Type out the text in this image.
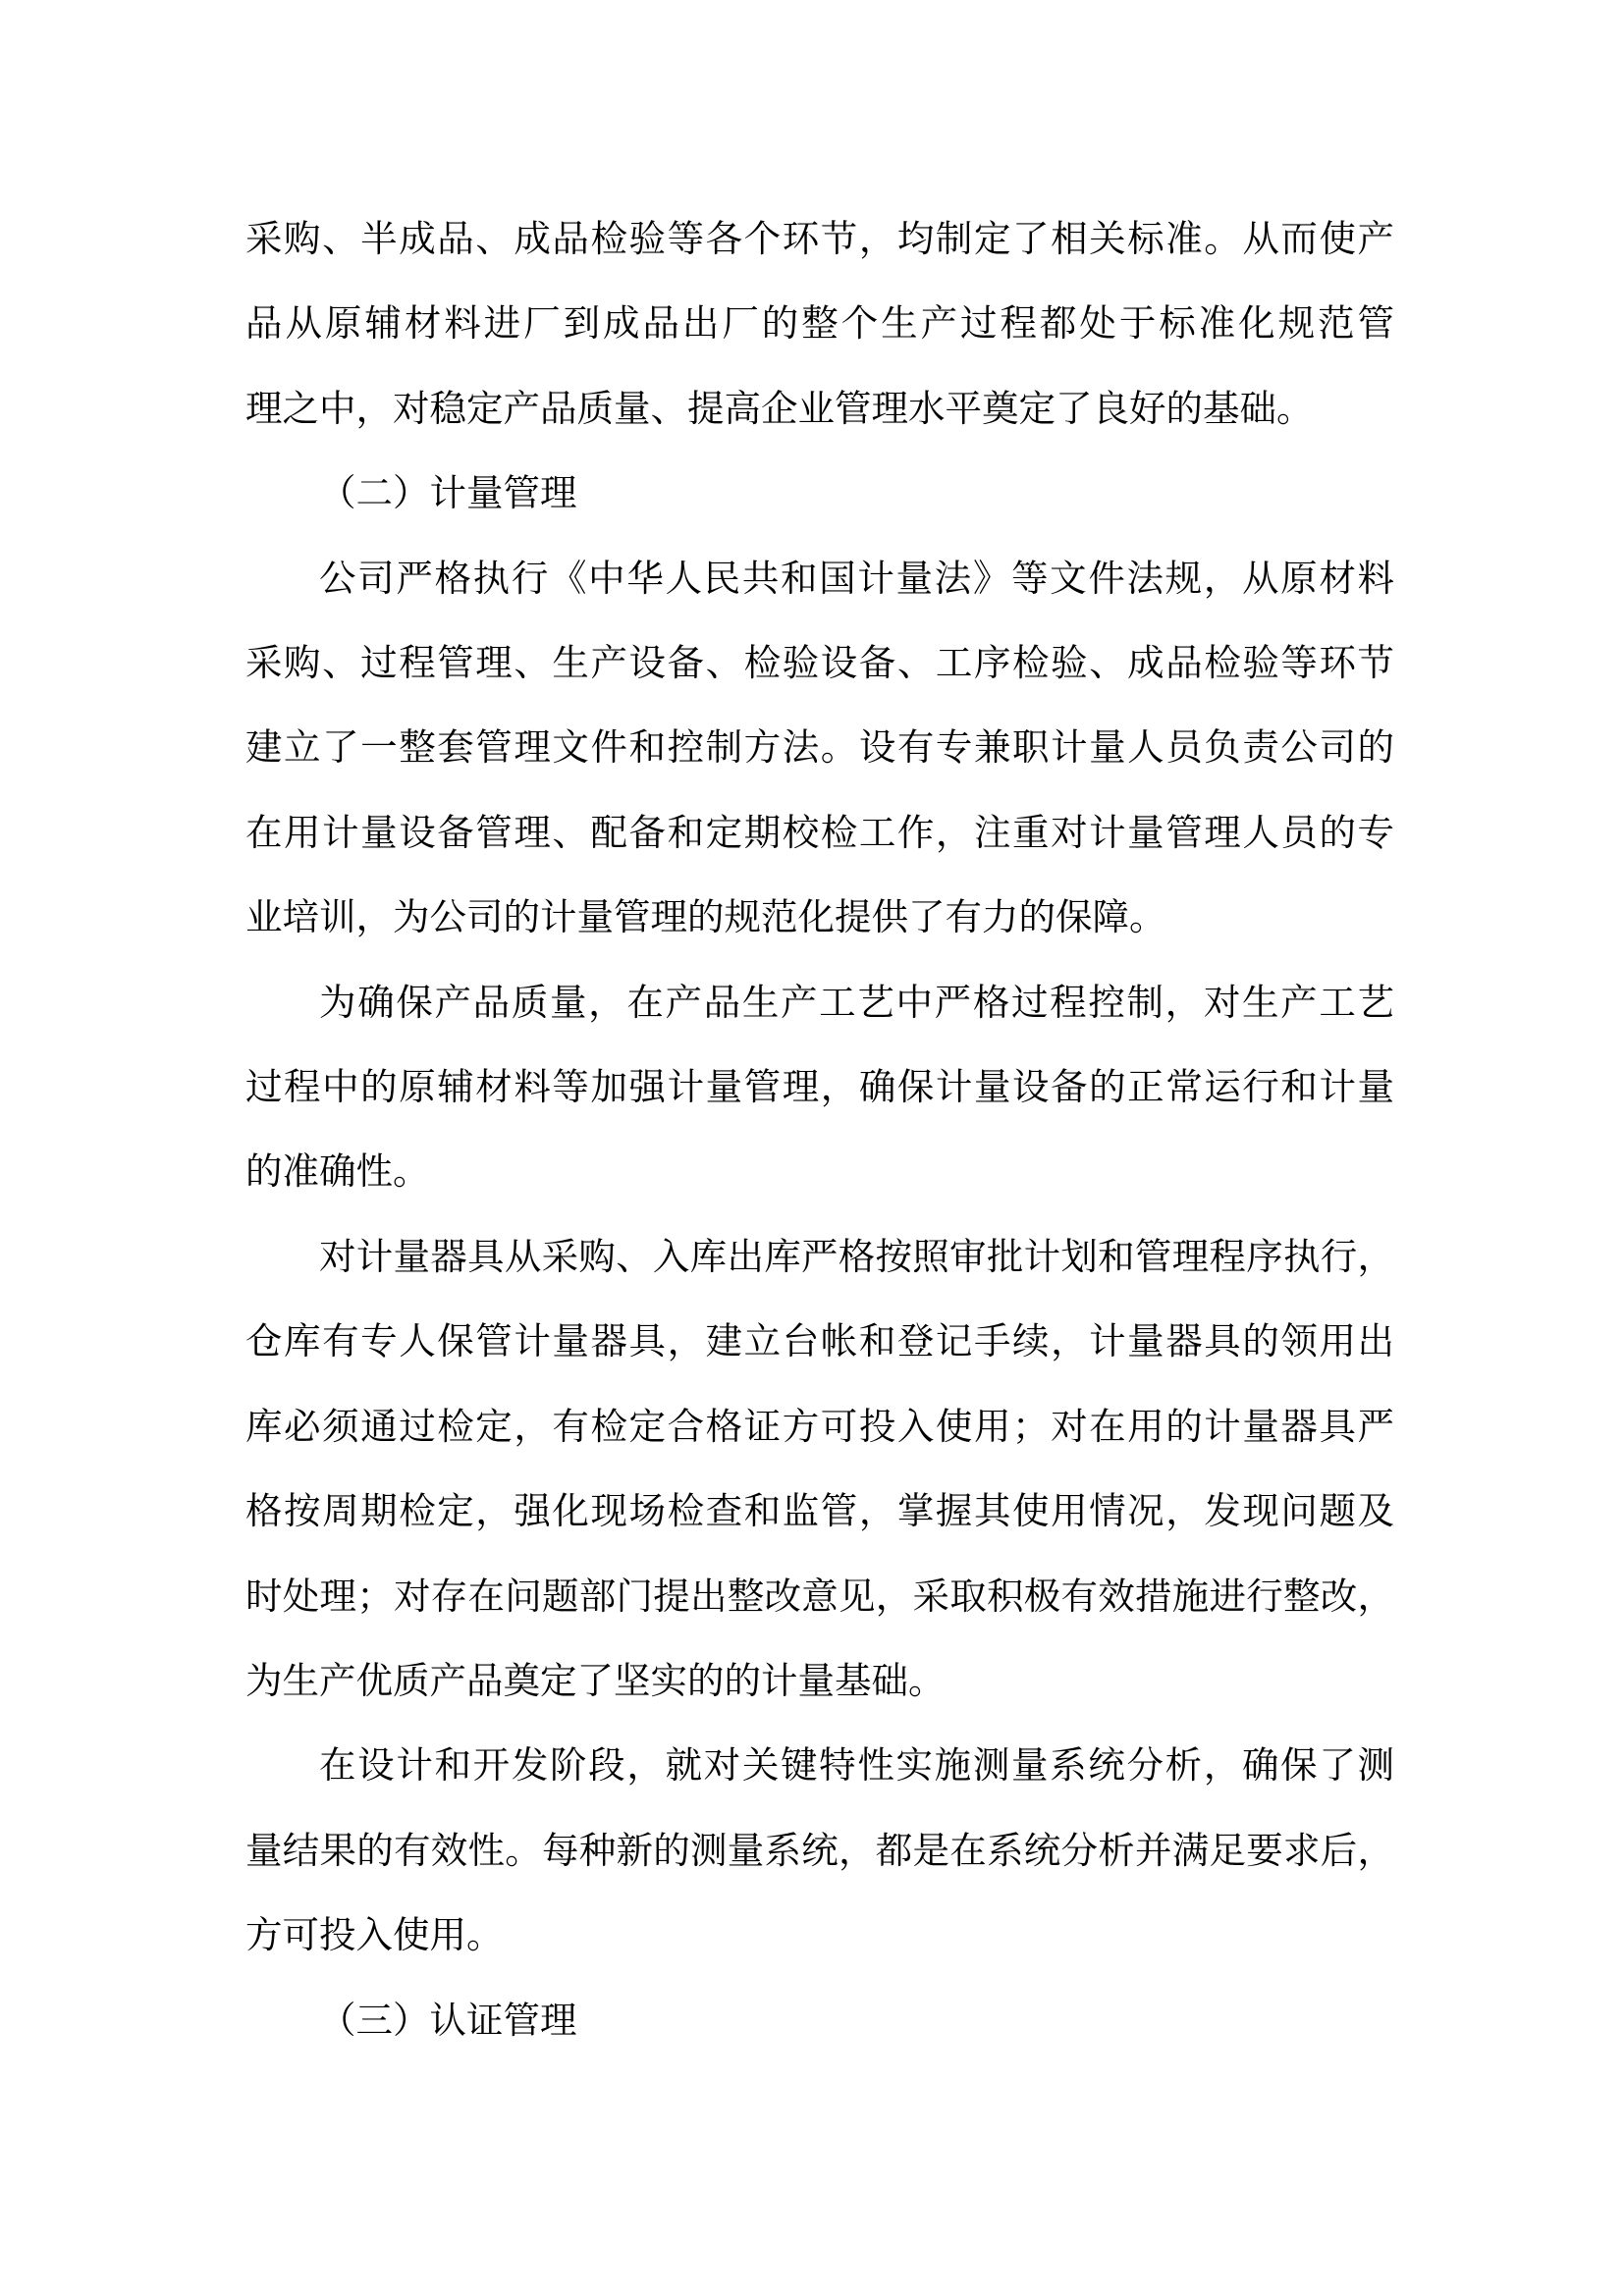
采购、半成品、成品检验等各个环节，均制定了相关标准。从而使产
品从原辅材料进厂到成品出厂的整个生产过程都处于标准化规范管
理之中，对稳定产品质量、提高企业管理水平奠定了良好的基础。
（二）计量管理
公司严格执行《中华人民共和国计量法》等文件法规，从原材料
采购、过程管理、生产设备、检验设备、工序检验、成品检验等环节
建立了一整套管理文件和控制方法。设有专兼职计量人员负责公司的
在用计量设备管理、配备和定期校检工作，注重对计量管理人员的专
业培训，为公司的计量管理的规范化提供了有力的保障。
为确保产品质量，在产品生产工艺中严格过程控制，对生产工艺
过程中的原辅材料等加强计量管理，确保计量设备的正常运行和计量
的准确性。
对计量器具从采购、入库出库严格按照审批计划和管理程序执行，
仓库有专人保管计量器具，建立台帐和登记手续，计量器具的领用出
库必须通过检定，有检定合格证方可投入使用；对在用的计量器具严
格按周期检定，强化现场检查和监管，掌握其使用情况，发现问题及
时处理；对存在问题部门提出整改意见，采取积极有效措施进行整改，
为生产优质产品奠定了坚实的的计量基础。
在设计和开发阶段，就对关键特性实施测量系统分析，确保了测
量结果的有效性。每种新的测量系统，都是在系统分析并满足要求后，
方可投入使用。
（三）认证管理
